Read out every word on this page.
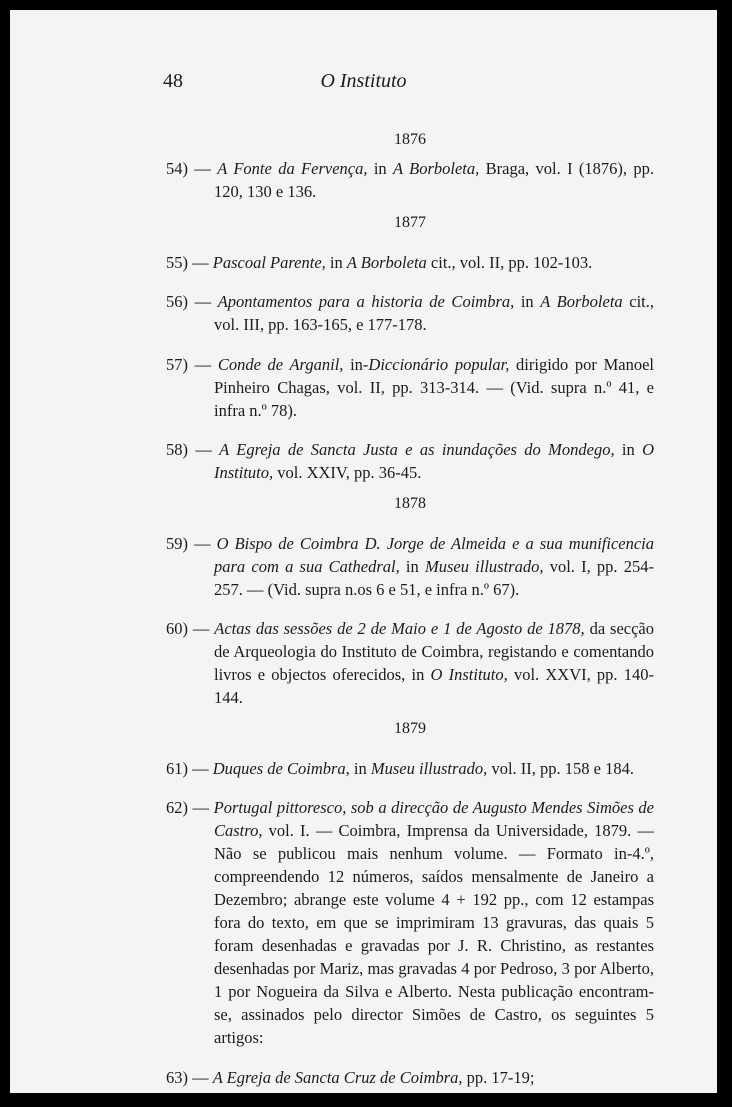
48	O Instituto
1876

54) — A Fonte da Fervença, in A Borboleta, Braga, vol. I (1876), pp. 120, 130 e 136.

1877

55) — Pascoal Parente, in A Borboleta cit., vol. II, pp. 102-103.

56) — Apontamentos para a historia de Coimbra, in A Borboleta cit., vol. III, pp. 163-165, e 177-178.

57) — Conde de Arganil, in-Diccionário popular, dirigido por Manoel Pinheiro Chagas, vol. II, pp. 313-314. — (Vid. supra n.º 41, e infra n.º 78).

58) — A Egreja de Sancta Justa e as inundações do Mondego, in O Instituto, vol. XXIV, pp. 36-45.

1878

59) — O Bispo de Coimbra D. Jorge de Almeida e a sua munificencia para com a sua Cathedral, in Museu illustrado, vol. I, pp. 254-257. — (Vid. supra n.os 6 e 51, e infra n.º 67).

60) — Actas das sessões de 2 de Maio e 1 de Agosto de 1878, da secção de Arqueologia do Instituto de Coimbra, registando e comentando livros e objectos oferecidos, in O Instituto, vol. XXVI, pp. 140-144.

1879

61) — Duques de Coimbra, in Museu illustrado, vol. II, pp. 158 e 184.

62) — Portugal pittoresco, sob a direcção de Augusto Mendes Simões de Castro, vol. I. — Coimbra, Imprensa da Universidade, 1879. — Não se publicou mais nenhum volume. — Formato in-4.º, compreendendo 12 números, saídos mensalmente de Janeiro a Dezembro; abrange este volume 4 + 192 pp., com 12 estampas fora do texto, em que se imprimiram 13 gravuras, das quais 5 foram desenhadas e gravadas por J. R. Christino, as restantes desenhadas por Mariz, mas gravadas 4 por Pedroso, 3 por Alberto, 1 por Nogueira da Silva e Alberto. Nesta publicação encontram-se, assinados pelo director Simões de Castro, os seguintes 5 artigos:

63) — A Egreja de Sancta Cruz de Coimbra, pp. 17-19;
